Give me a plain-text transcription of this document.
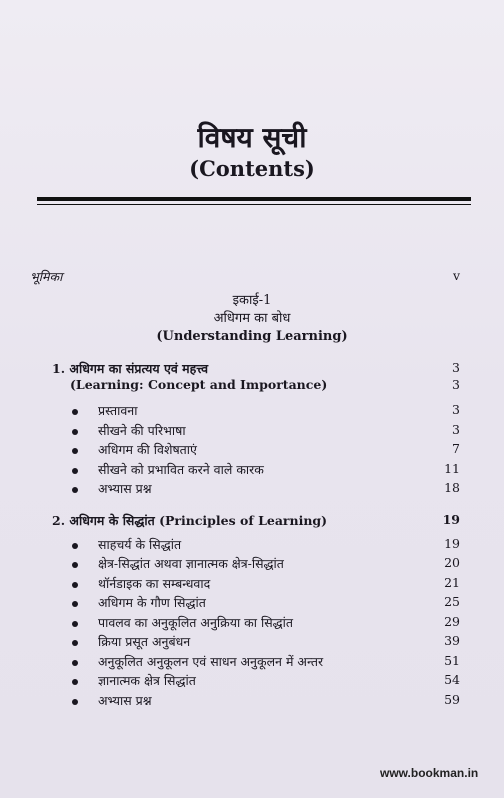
विषय सूची
(Contents)
भूमिका	v
इकाई-1
अधिगम का बोध
(Understanding Learning)
1. अधिगम का संप्रत्यय एवं महत्त्व	3
(Learning: Concept and Importance)	3
प्रस्तावना	3
सीखने की परिभाषा	3
अधिगम की विशेषताएं	7
सीखने को प्रभावित करने वाले कारक	11
अभ्यास प्रश्न	18
2. अधिगम के सिद्धांत (Principles of Learning)	19
साहचर्य के सिद्धांत	19
क्षेत्र-सिद्धांत अथवा ज्ञानात्मक क्षेत्र-सिद्धांत	20
थॉर्नडाइक का सम्बन्धवाद	21
अधिगम के गौण सिद्धांत	25
पावलव का अनुकूलित अनुक्रिया का सिद्धांत	29
क्रिया प्रसूत अनुबंधन	39
अनुकूलित अनुकूलन एवं साधन अनुकूलन में अन्तर	51
ज्ञानात्मक क्षेत्र सिद्धांत	54
अभ्यास प्रश्न	59
www.bookman.in
